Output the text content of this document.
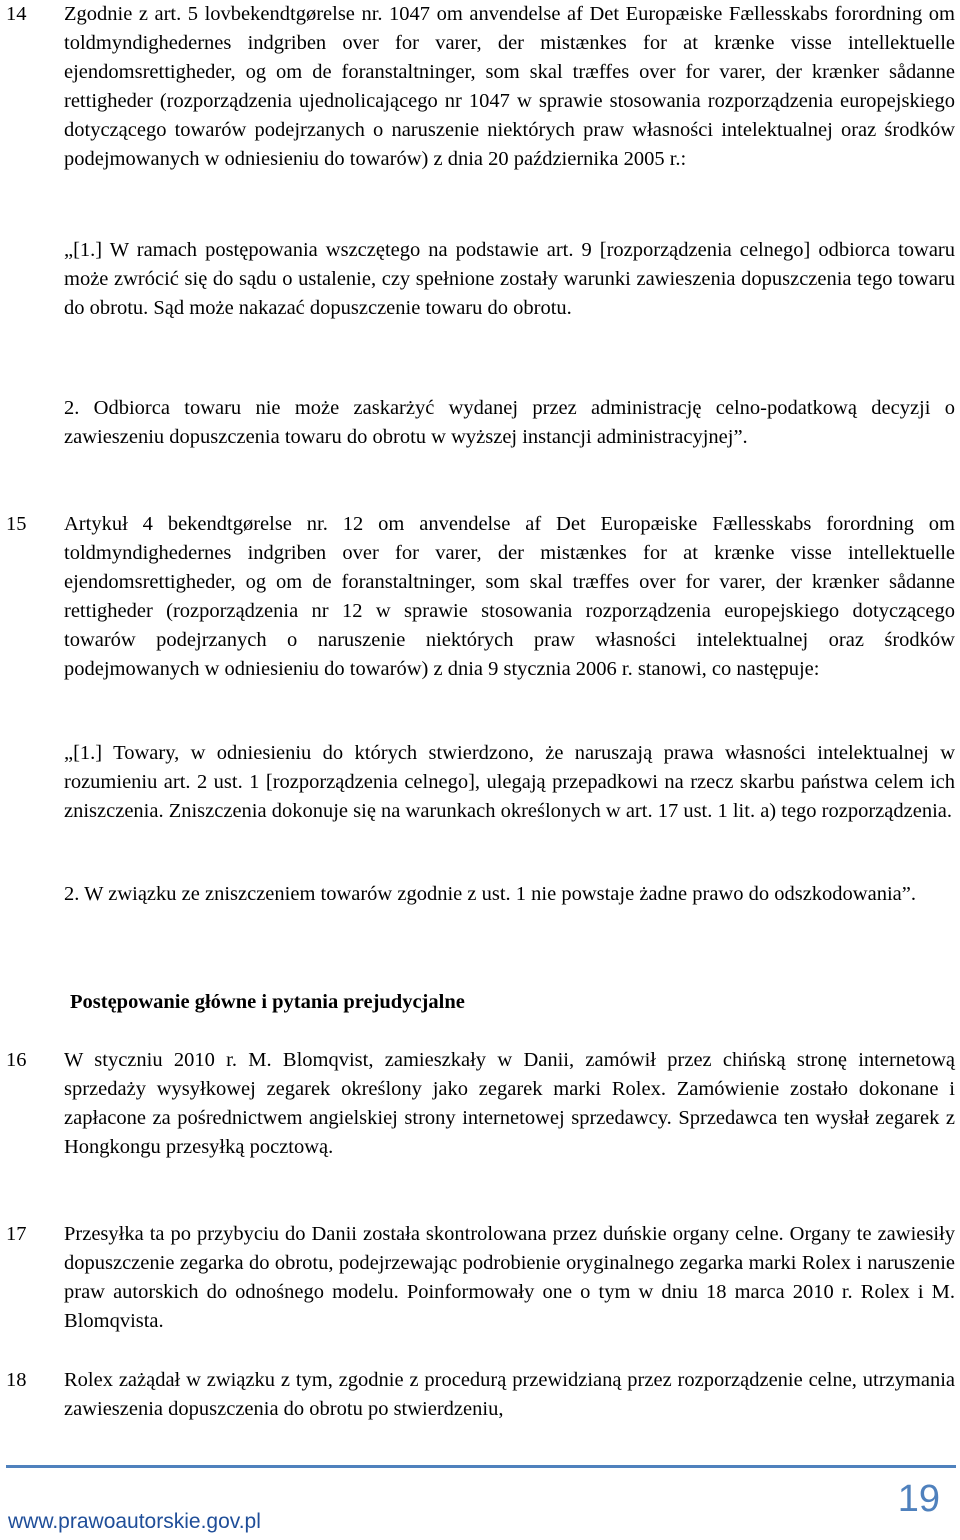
14 Zgodnie z art. 5 lovbekendtgørelse nr. 1047 om anvendelse af Det Europæiske Fællesskabs forordning om toldmyndighedernes indgriben over for varer, der mistænkes for at krænke visse intellektuelle ejendomsrettigheder, og om de foranstaltninger, som skal træffes over for varer, der krænker sådanne rettigheder (rozporządzenia ujednolicającego nr 1047 w sprawie stosowania rozporządzenia europejskiego dotyczącego towarów podejrzanych o naruszenie niektórych praw własności intelektualnej oraz środków podejmowanych w odniesieniu do towarów) z dnia 20 października 2005 r.:
„[1.] W ramach postępowania wszczętego na podstawie art. 9 [rozporządzenia celnego] odbiorca towaru może zwrócić się do sądu o ustalenie, czy spełnione zostały warunki zawieszenia dopuszczenia tego towaru do obrotu. Sąd może nakazać dopuszczenie towaru do obrotu.
2. Odbiorca towaru nie może zaskarżyć wydanej przez administrację celno-podatkową decyzji o zawieszeniu dopuszczenia towaru do obrotu w wyższej instancji administracyjnej”.
15 Artykuł 4 bekendtgørelse nr. 12 om anvendelse af Det Europæiske Fællesskabs forordning om toldmyndighedernes indgriben over for varer, der mistænkes for at krænke visse intellektuelle ejendomsrettigheder, og om de foranstaltninger, som skal træffes over for varer, der krænker sådanne rettigheder (rozporządzenia nr 12 w sprawie stosowania rozporządzenia europejskiego dotyczącego towarów podejrzanych o naruszenie niektórych praw własności intelektualnej oraz środków podejmowanych w odniesieniu do towarów) z dnia 9 stycznia 2006 r. stanowi, co następuje:
„[1.] Towary, w odniesieniu do których stwierdzono, że naruszają prawa własności intelektualnej w rozumieniu art. 2 ust. 1 [rozporządzenia celnego], ulegają przepadkowi na rzecz skarbu państwa celem ich zniszczenia. Zniszczenia dokonuje się na warunkach określonych w art. 17 ust. 1 lit. a) tego rozporządzenia.
2. W związku ze zniszczeniem towarów zgodnie z ust. 1 nie powstaje żadne prawo do odszkodowania”.
Postępowanie główne i pytania prejudycjalne
16 W styczniu 2010 r. M. Blomqvist, zamieszkały w Danii, zamówił przez chińską stronę internetową sprzedaży wysyłkowej zegarek określony jako zegarek marki Rolex. Zamówienie zostało dokonane i zapłacone za pośrednictwem angielskiej strony internetowej sprzedawcy. Sprzedawca ten wysłał zegarek z Hongkongu przesyłką pocztową.
17 Przesyłka ta po przybyciu do Danii została skontrolowana przez duńskie organy celne. Organy te zawiesiły dopuszczenie zegarka do obrotu, podejrzewając podrobienie oryginalnego zegarka marki Rolex i naruszenie praw autorskich do odnośnego modelu. Poinformowały one o tym w dniu 18 marca 2010 r. Rolex i M. Blomqvista.
18 Rolex zażądał w związku z tym, zgodnie z procedurą przewidzianą przez rozporządzenie celne, utrzymania zawieszenia dopuszczenia do obrotu po stwierdzeniu,
www.prawoautorskie.gov.pl
19
